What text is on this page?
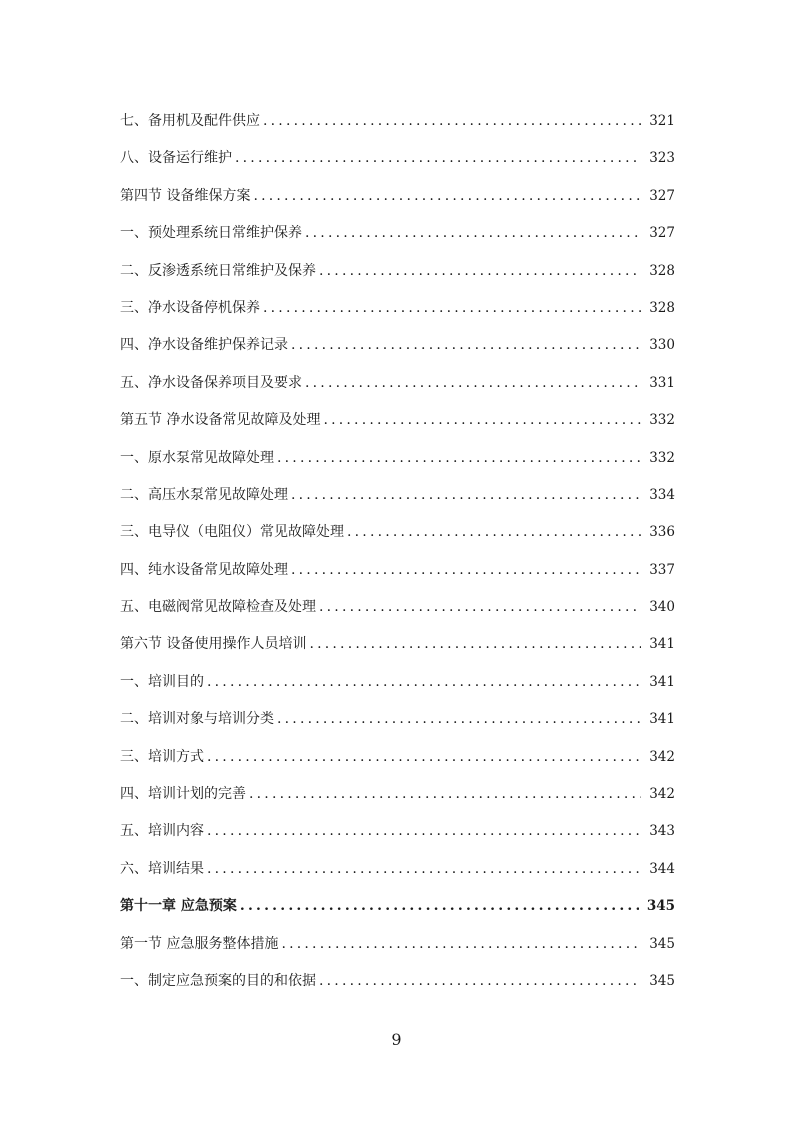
七、备用机及配件供应 .....	321
八、设备运行维护 .....	323
第四节 设备维保方案 .....	327
一、预处理系统日常维护保养 .....	327
二、反渗透系统日常维护及保养 .....	328
三、净水设备停机保养 .....	328
四、净水设备维护保养记录 .....	330
五、净水设备保养项目及要求 .....	331
第五节 净水设备常见故障及处理 .....	332
一、原水泵常见故障处理 .....	332
二、高压水泵常见故障处理 .....	334
三、电导仪（电阻仪）常见故障处理 .....	336
四、纯水设备常见故障处理 .....	337
五、电磁阀常见故障检查及处理 .....	340
第六节 设备使用操作人员培训 .....	341
一、培训目的 .....	341
二、培训对象与培训分类 .....	341
三、培训方式 .....	342
四、培训计划的完善 .....	342
五、培训内容 .....	343
六、培训结果 .....	344
第十一章 应急预案 .....	345
第一节 应急服务整体措施 .....	345
一、制定应急预案的目的和依据 .....	345
9
